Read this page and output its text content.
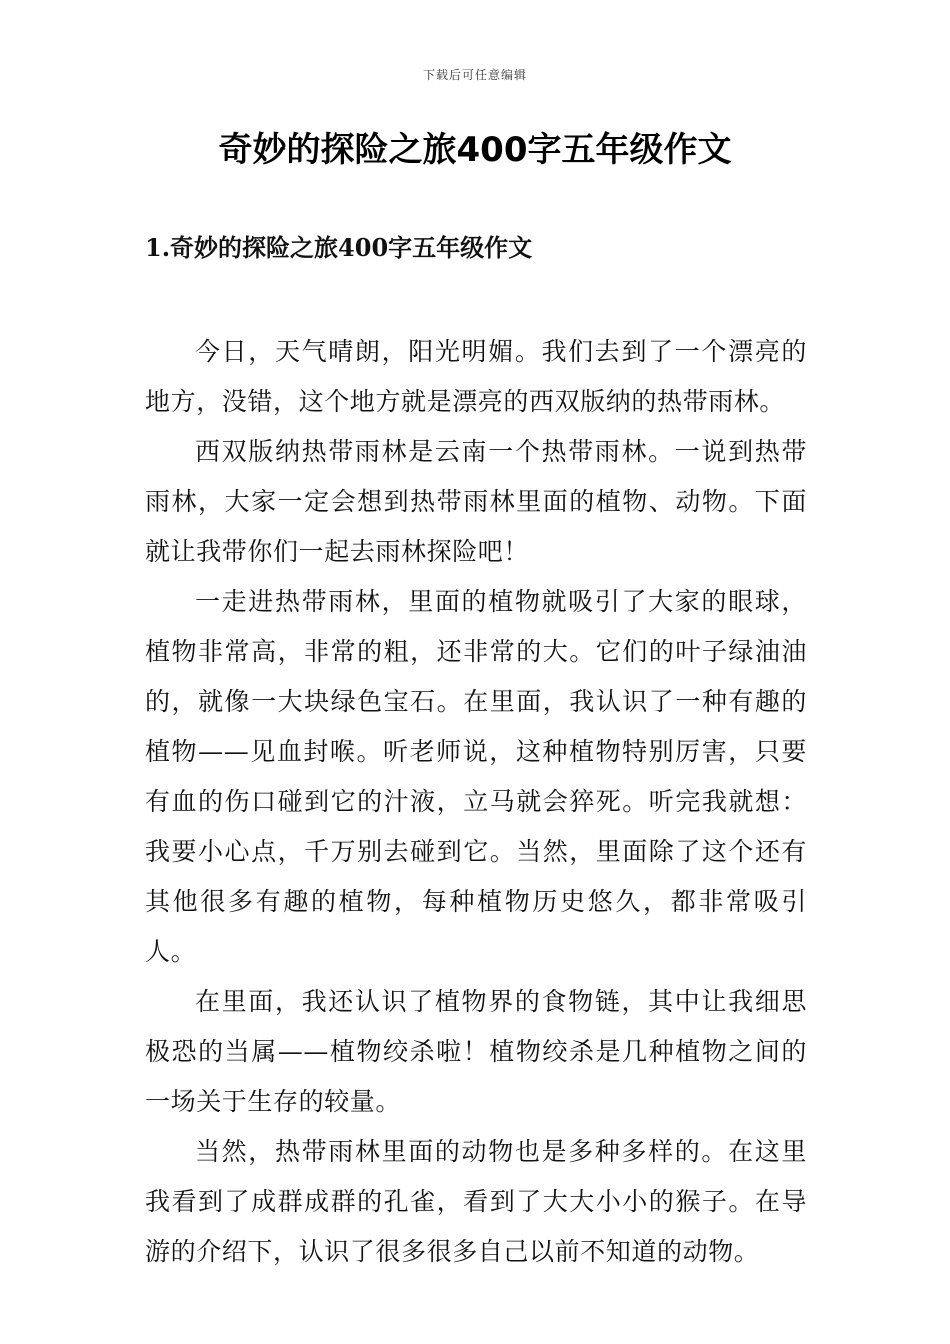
下载后可任意编辑
奇妙的探险之旅400字五年级作文
1.奇妙的探险之旅400字五年级作文

今日，天气晴朗，阳光明媚。我们去到了一个漂亮的地方，没错，这个地方就是漂亮的西双版纳的热带雨林。

西双版纳热带雨林是云南一个热带雨林。一说到热带雨林，大家一定会想到热带雨林里面的植物、动物。下面就让我带你们一起去雨林探险吧！

一走进热带雨林，里面的植物就吸引了大家的眼球，植物非常高，非常的粗，还非常的大。它们的叶子绿油油的，就像一大块绿色宝石。在里面，我认识了一种有趣的植物——见血封喉。听老师说，这种植物特别厉害，只要有血的伤口碰到它的汁液，立马就会猝死。听完我就想：我要小心点，千万别去碰到它。当然，里面除了这个还有其他很多有趣的植物，每种植物历史悠久，都非常吸引人。

在里面，我还认识了植物界的食物链，其中让我细思极恐的当属——植物绞杀啦！植物绞杀是几种植物之间的一场关于生存的较量。

当然，热带雨林里面的动物也是多种多样的。在这里我看到了成群成群的孔雀，看到了大大小小的猴子。在导游的介绍下，认识了很多很多自己以前不知道的动物。
